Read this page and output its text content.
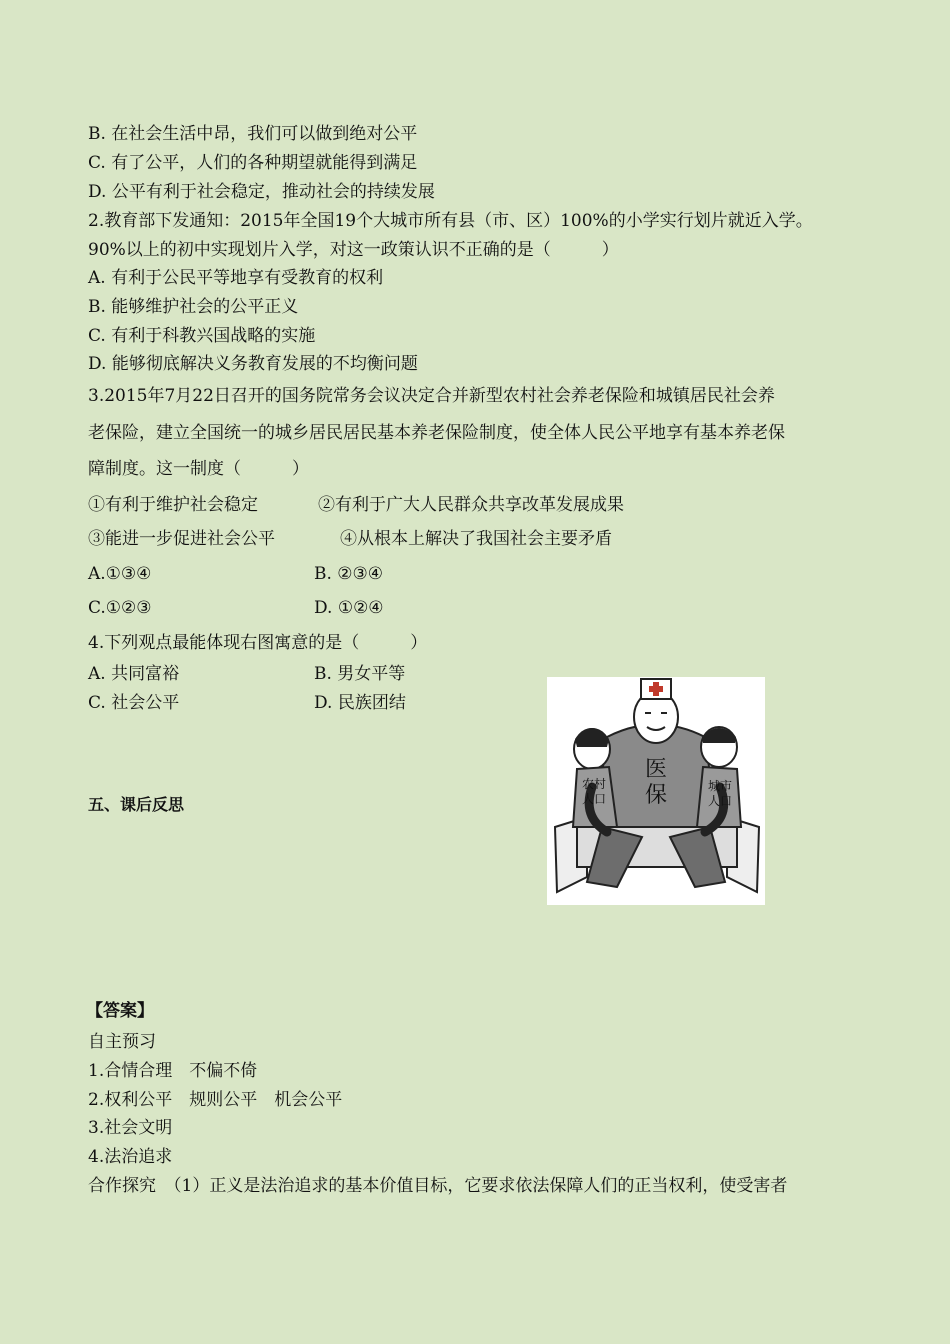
B. 在社会生活中昂，我们可以做到绝对公平
C. 有了公平，人们的各种期望就能得到满足
D. 公平有利于社会稳定，推动社会的持续发展
2.教育部下发通知：2015年全国19个大城市所有县（市、区）100%的小学实行划片就近入学。
90%以上的初中实现划片入学，对这一政策认识不正确的是（　　　）
A. 有利于公民平等地享有受教育的权利
B. 能够维护社会的公平正义
C. 有利于科教兴国战略的实施
D. 能够彻底解决义务教育发展的不均衡问题
3.2015年7月22日召开的国务院常务会议决定合并新型农村社会养老保险和城镇居民社会养
老保险，建立全国统一的城乡居民居民基本养老保险制度，使全体人民公平地享有基本养老保
障制度。这一制度（　　　）
①有利于维护社会稳定	②有利于广大人民群众共享改革发展成果
③能进一步促进社会公平	④从根本上解决了我国社会主要矛盾
A.①③④	B. ②③④
C.①②③	D. ①②④
4.下列观点最能体现右图寓意的是（　　　）
A. 共同富裕	B. 男女平等
C. 社会公平	D. 民族团结
医保
农村人口
城市人口
五、课后反思
【答案】
自主预习
1.合情合理　不偏不倚
2.权利公平　规则公平　机会公平
3.社会文明
4.法治追求
合作探究　（1）正义是法治追求的基本价值目标，它要求依法保障人们的正当权利，使受害者
